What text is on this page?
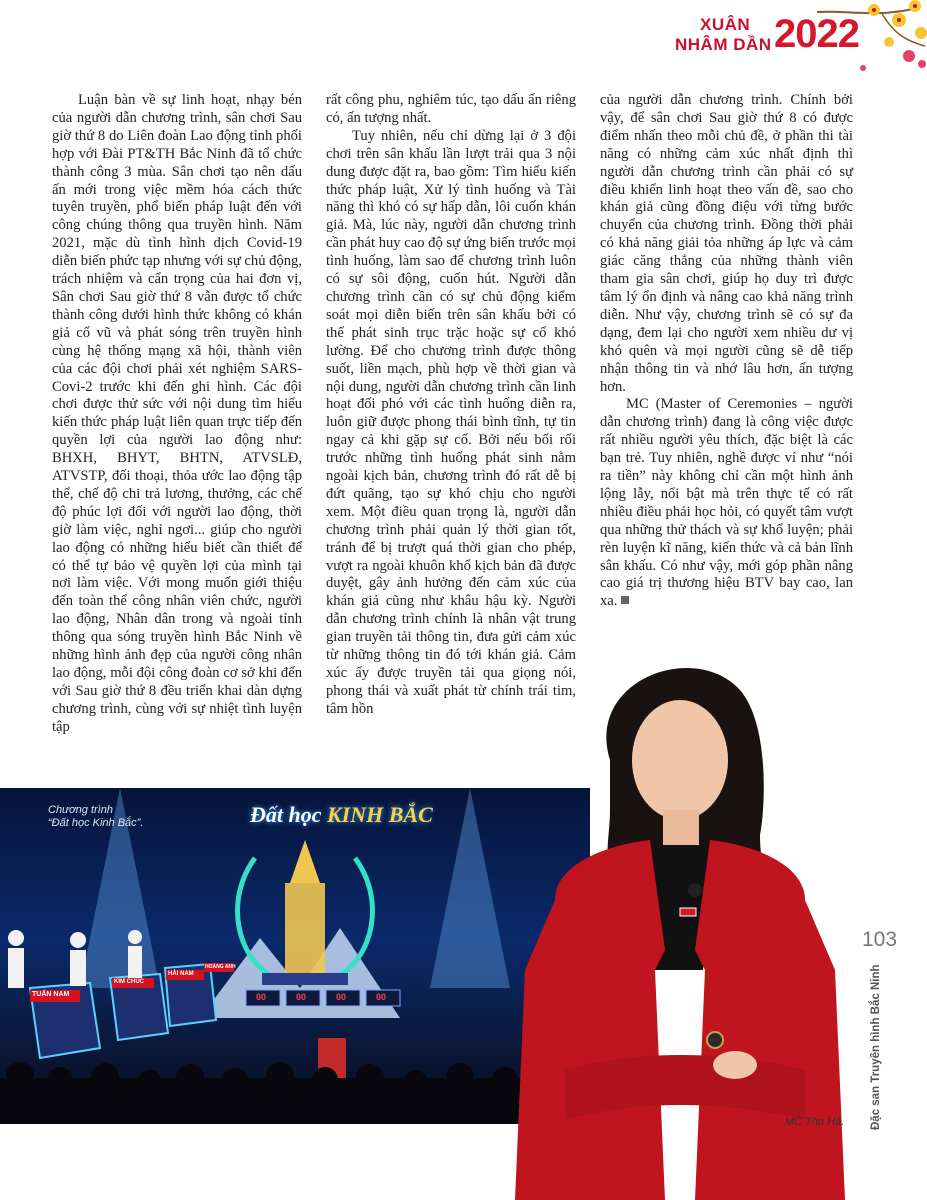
XUÂN
NHÂM DẦN 2022

Luận bàn về sự linh hoạt, nhạy bén của người dẫn chương trình, sân chơi Sau giờ thứ 8 do Liên đoàn Lao động tỉnh phối hợp với Đài PT&TH Bắc Ninh đã tổ chức thành công 3 mùa. Sân chơi tạo nên dấu ấn mới trong việc mềm hóa cách thức tuyên truyền, phổ biến pháp luật đến với công chúng thông qua truyền hình. Năm 2021, mặc dù tình hình dịch Covid-19 diễn biến phức tạp nhưng với sự chủ động, trách nhiệm và cẩn trọng của hai đơn vị, Sân chơi Sau giờ thứ 8 vẫn được tổ chức thành công dưới hình thức không có khán giả cổ vũ và phát sóng trên truyền hình cùng hệ thống mạng xã hội, thành viên của các đội chơi phải xét nghiệm SARS-Covi-2 trước khi đến ghi hình. Các đội chơi được thử sức với nội dung tìm hiểu kiến thức pháp luật liên quan trực tiếp đến quyền lợi của người lao động như: BHXH, BHYT, BHTN, ATVSLĐ, ATVSTP, đối thoại, thỏa ước lao động tập thể, chế độ chi trả lương, thưởng, các chế độ phúc lợi đối với người lao động, thời giờ làm việc, nghỉ ngơi... giúp cho người lao động có những hiểu biết cần thiết để có thể tự bảo vệ quyền lợi của mình tại nơi làm việc. Với mong muốn giới thiệu đến toàn thể công nhân viên chức, người lao động, Nhân dân trong và ngoài tỉnh thông qua sóng truyền hình Bắc Ninh về những hình ảnh đẹp của người công nhân lao động, mỗi đội công đoàn cơ sở khi đến với Sau giờ thứ 8 đều triển khai dàn dựng chương trình, cùng với sự nhiệt tình luyện tập

rất công phu, nghiêm túc, tạo dấu ấn riêng có, ấn tượng nhất.

Tuy nhiên, nếu chỉ dừng lại ở 3 đội chơi trên sân khấu lần lượt trải qua 3 nội dung được đặt ra, bao gồm: Tìm hiểu kiến thức pháp luật, Xử lý tình huống và Tài năng thì khó có sự hấp dẫn, lôi cuốn khán giả. Mà, lúc này, người dẫn chương trình cần phát huy cao độ sự ứng biến trước mọi tình huống, làm sao để chương trình luôn có sự sôi động, cuốn hút. Người dẫn chương trình cần có sự chủ động kiểm soát mọi diễn biến trên sân khấu bởi có thể phát sinh trục trặc hoặc sự cố khó lường. Để cho chương trình được thông suốt, liền mạch, phù hợp về thời gian và nội dung, người dẫn chương trình cần linh hoạt đối phó với các tình huống diễn ra, luôn giữ được phong thái bình tĩnh, tự tin ngay cả khi gặp sự cố. Bởi nếu bối rối trước những tình huống phát sinh nằm ngoài kịch bản, chương trình đó rất dễ bị đứt quãng, tạo sự khó chịu cho người xem. Một điều quan trọng là, người dẫn chương trình phải quản lý thời gian tốt, tránh để bị trượt quá thời gian cho phép, vượt ra ngoài khuôn khổ kịch bản đã được duyệt, gây ảnh hưởng đến cảm xúc của khán giả cũng như khâu hậu kỳ. Người dẫn chương trình chính là nhân vật trung gian truyền tải thông tin, đưa gửi cảm xúc từ những thông tin đó tới khán giả. Cảm xúc ấy được truyền tải qua giọng nói, phong thái và xuất phát từ chính trái tim, tâm hồn

của người dẫn chương trình. Chính bởi vậy, để sân chơi Sau giờ thứ 8 có được điểm nhấn theo mỗi chủ đề, ở phần thi tài năng có những cảm xúc nhất định thì người dẫn chương trình cần phải có sự điều khiển linh hoạt theo vấn đề, sao cho khán giả cũng đồng điệu với từng bước chuyển của chương trình. Đồng thời phải có khả năng giải tỏa những áp lực và cảm giác căng thẳng của những thành viên tham gia sân chơi, giúp họ duy trì được tâm lý ổn định và nâng cao khả năng trình diễn. Như vậy, chương trình sẽ có sự đa dạng, đem lại cho người xem nhiều dư vị khó quên và mọi người cũng sẽ dễ tiếp nhận thông tin và nhớ lâu hơn, ấn tượng hơn.

MC (Master of Ceremonies – người dẫn chương trình) đang là công việc được rất nhiều người yêu thích, đặc biệt là các bạn trẻ. Tuy nhiên, nghề được ví như “nói ra tiền” này không chỉ cần một hình ảnh lộng lẫy, nổi bật mà trên thực tế có rất nhiều điều phải học hỏi, có quyết tâm vượt qua những thử thách và sự khổ luyện; phải rèn luyện kĩ năng, kiến thức và cả bản lĩnh sân khấu. Có như vậy, mới góp phần nâng cao giá trị thương hiệu BTV bay cao, lan xa.

Chương trình
“Đất học Kinh Bắc”.	Đất học KINH BẮC
TUẤN NAM
KIM CHÚC
HẢI NAM
HOÀNG ANH
00	00	00	00
103
MC Thu Hà. Đặc san Truyền hình Bắc Ninh
